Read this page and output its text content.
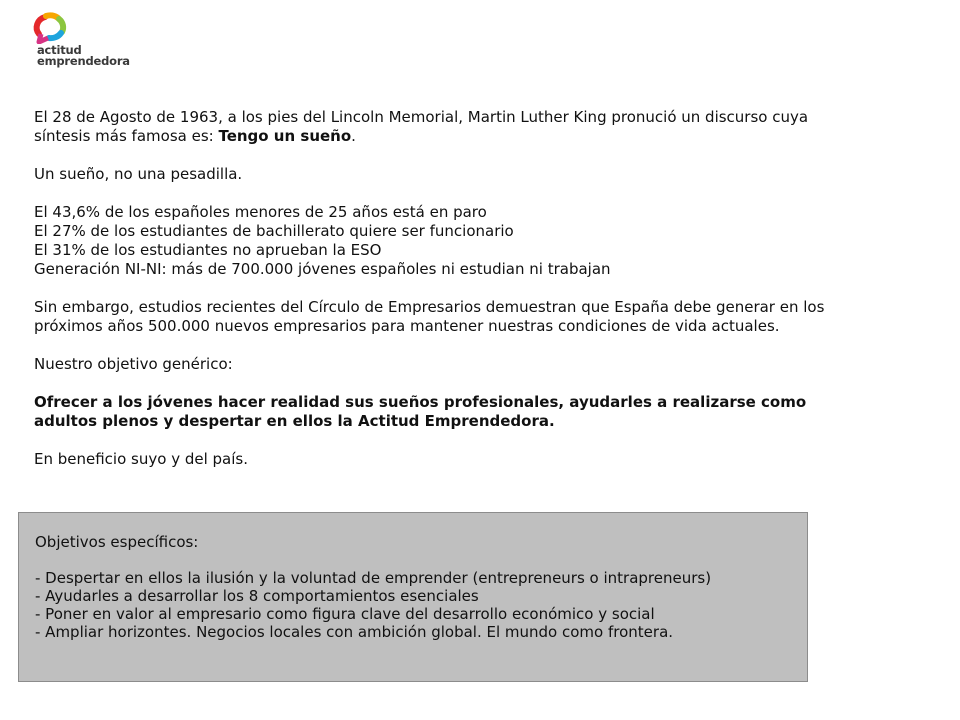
actitud
emprendedora

El 28 de Agosto de 1963, a los pies del Lincoln Memorial, Martin Luther King pronució un discurso cuya

síntesis más famosa es: Tengo un sueño.

Un sueño, no una pesadilla.

El 43,6% de los españoles menores de 25 años está en paro

El 27% de los estudiantes de bachillerato quiere ser funcionario

El 31% de los estudiantes no aprueban la ESO

Generación NI-NI: más de 700.000 jóvenes españoles ni estudian ni trabajan

Sin embargo, estudios recientes del Círculo de Empresarios demuestran que España debe generar en los

próximos años 500.000 nuevos empresarios para mantener nuestras condiciones de vida actuales.

Nuestro objetivo genérico:

Ofrecer a los jóvenes hacer realidad sus sueños profesionales, ayudarles a realizarse como

adultos plenos y despertar en ellos la Actitud Emprendedora.

En beneficio suyo y del país.

Objetivos específicos:

- Despertar en ellos la ilusión y la voluntad de emprender (entrepreneurs o intrapreneurs)

- Ayudarles a desarrollar los 8 comportamientos esenciales

- Poner en valor al empresario como figura clave del desarrollo económico y social

- Ampliar horizontes. Negocios locales con ambición global. El mundo como frontera.
